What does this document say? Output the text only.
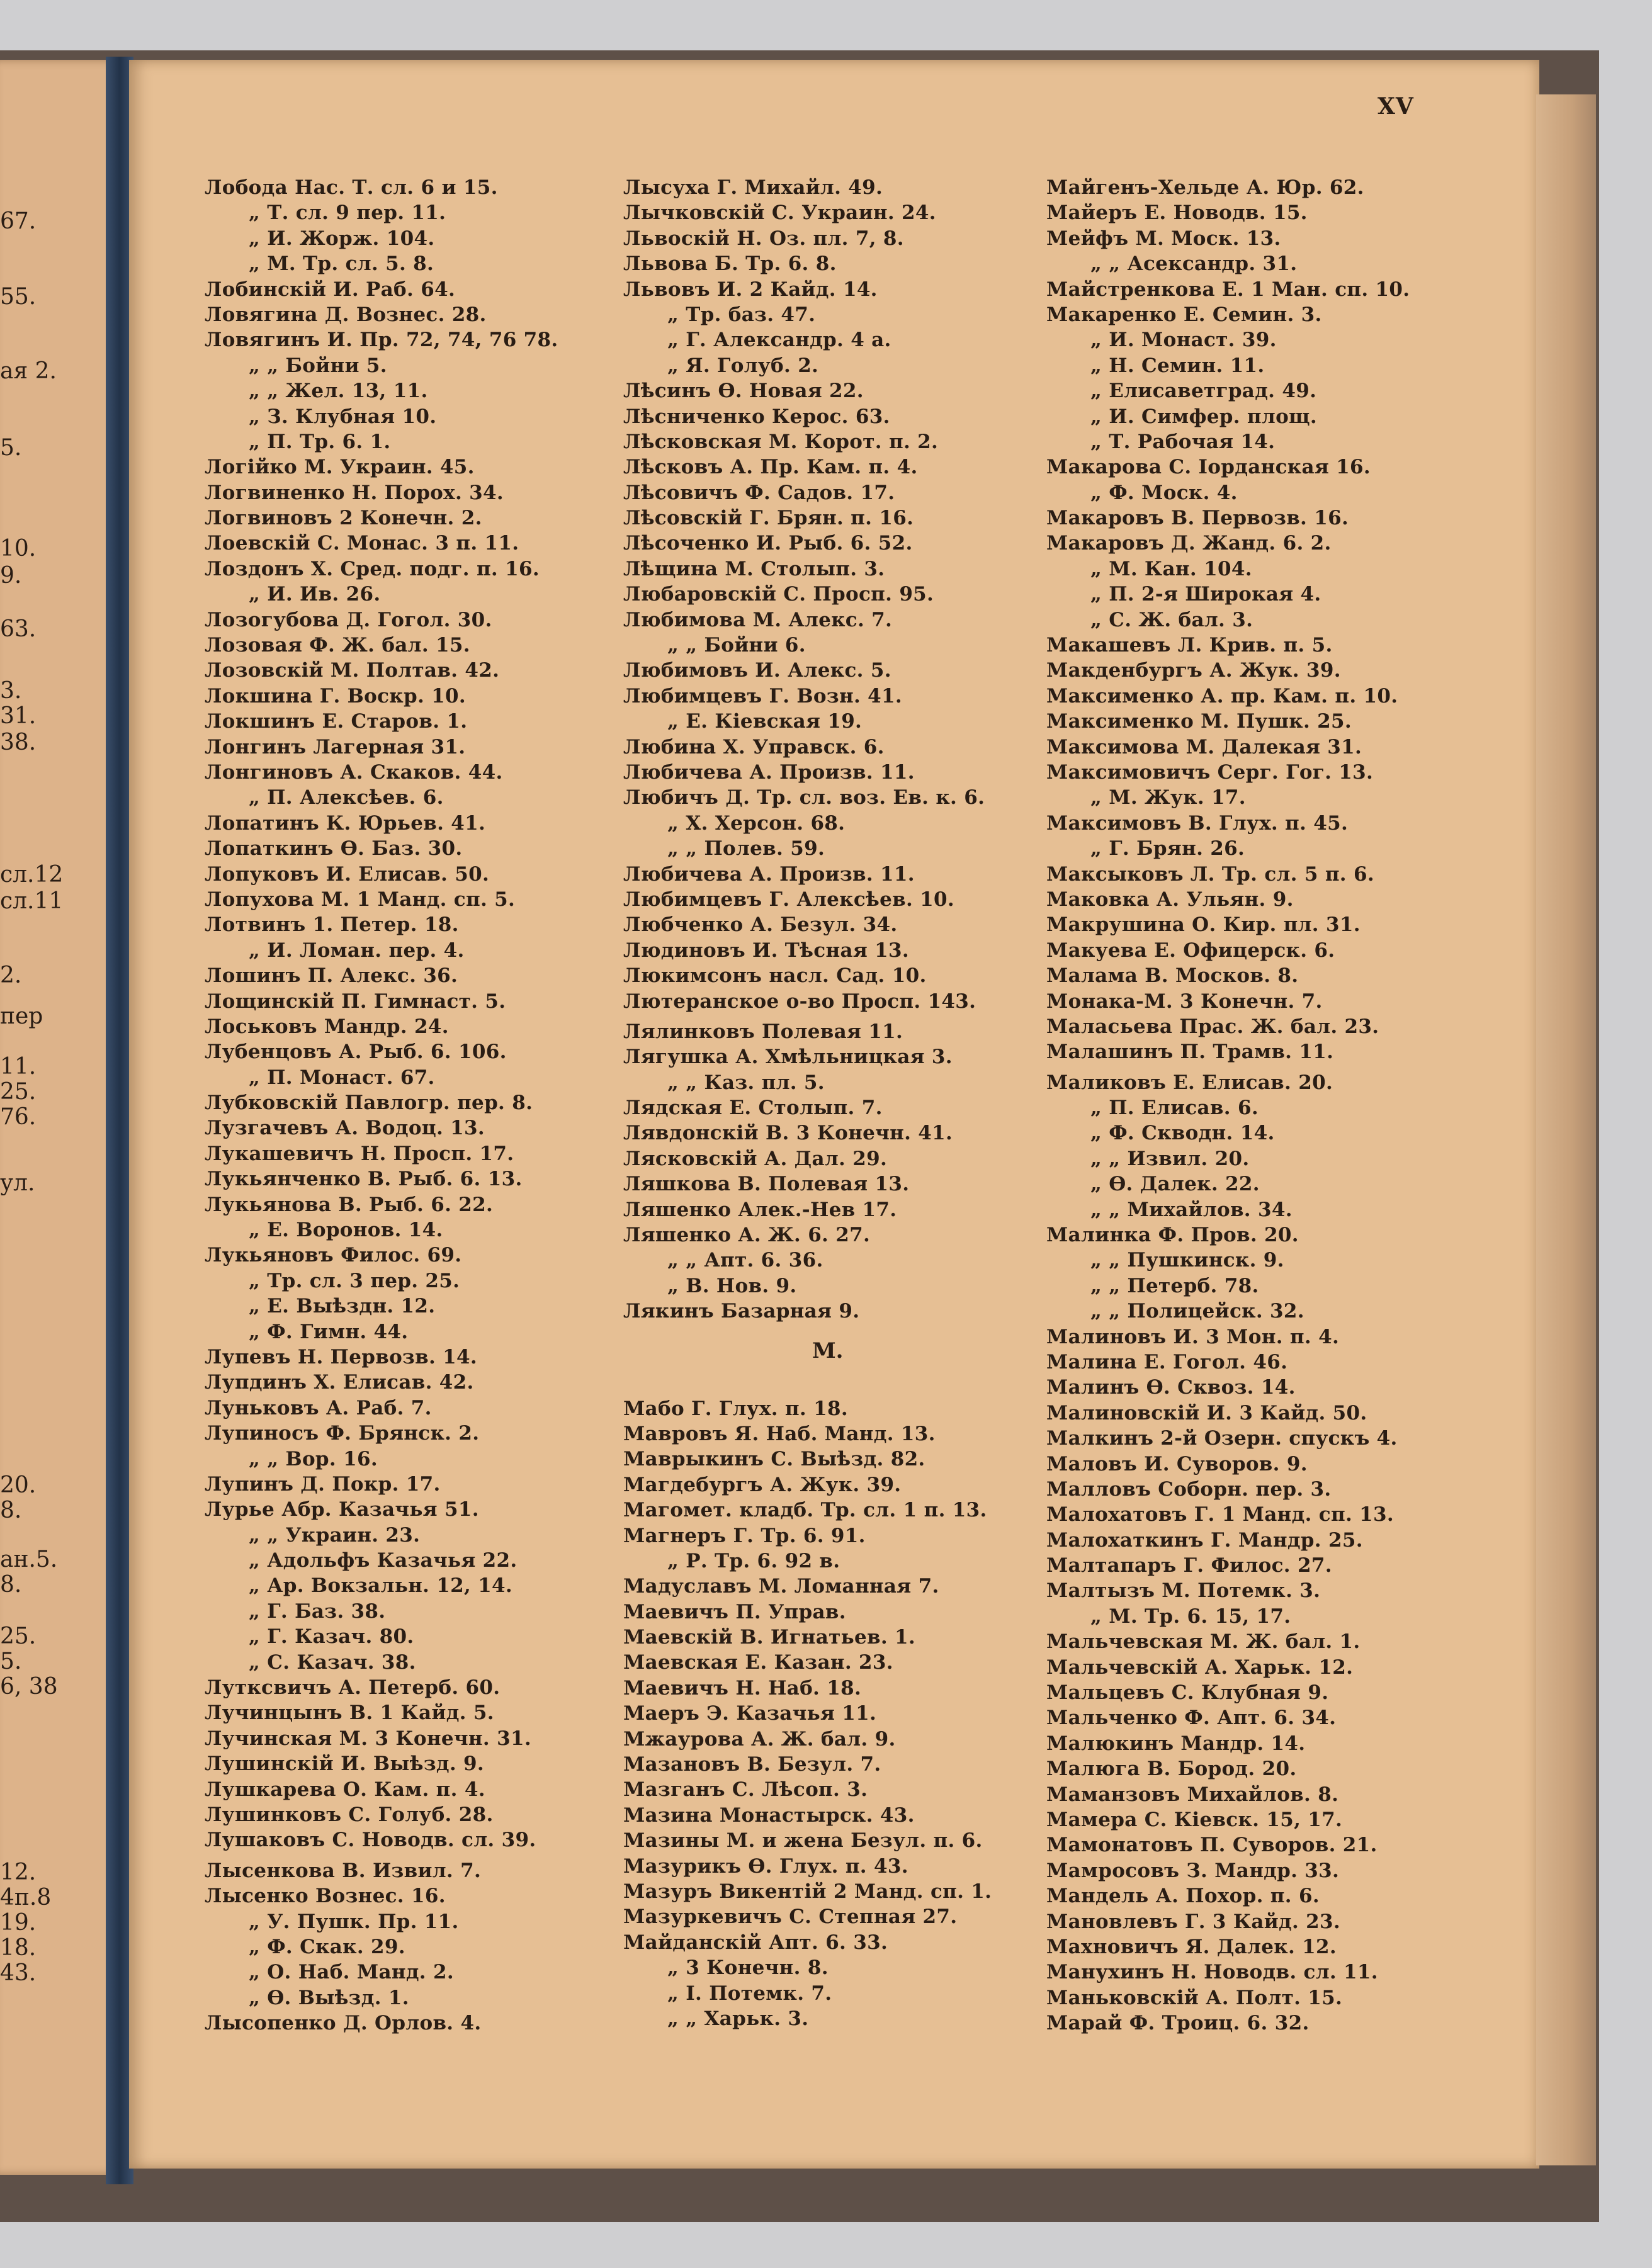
67.
55.
ая 2.
5.
10.
9.
63.
3.
31.
38.
сл.12
сл.11
2.
пер
11.
25.
76.
ул.
20.
8.
ан.5.
8.
25.
5.
6, 38
12.
4п.8
19.
18.
43.
XV
Лобода Нас. Т. сл. 6 и 15.
„ Т. сл. 9 пер. 11.
„ И. Жорж. 104.
„ М. Тр. сл. 5. 8.
Лобинскій И. Раб. 64.
Ловягина Д. Вознес. 28.
Ловягинъ И. Пр. 72, 74, 76 78.
„ „ Бойни 5.
„ „ Жел. 13, 11.
„ З. Клубная 10.
„ П. Тр. 6. 1.
Логійко М. Украин. 45.
Логвиненко Н. Порох. 34.
Логвиновъ 2 Конечн. 2.
Лоевскій С. Монас. 3 п. 11.
Лоздонъ Х. Сред. подг. п. 16.
„ И. Ив. 26.
Лозогубова Д. Гогол. 30.
Лозовая Ф. Ж. бал. 15.
Лозовскій М. Полтав. 42.
Локшина Г. Воскр. 10.
Локшинъ Е. Старов. 1.
Лонгинъ Лагерная 31.
Лонгиновъ А. Скаков. 44.
„ П. Алексѣев. 6.
Лопатинъ К. Юрьев. 41.
Лопаткинъ Ө. Баз. 30.
Лопуковъ И. Елисав. 50.
Лопухова М. 1 Манд. сп. 5.
Лотвинъ 1. Петер. 18.
„ И. Ломан. пер. 4.
Лошинъ П. Алекс. 36.
Лощинскій П. Гимнаст. 5.
Лоськовъ Мандр. 24.
Лубенцовъ А. Рыб. 6. 106.
„ П. Монаст. 67.
Лубковскій Павлогр. пер. 8.
Лузгачевъ А. Водоц. 13.
Лукашевичъ Н. Просп. 17.
Лукьянченко В. Рыб. 6. 13.
Лукьянова В. Рыб. 6. 22.
„ Е. Воронов. 14.
Лукьяновъ Филос. 69.
„ Тр. сл. 3 пер. 25.
„ Е. Выѣздн. 12.
„ Ф. Гимн. 44.
Лупевъ Н. Первозв. 14.
Лупдинъ Х. Елисав. 42.
Луньковъ А. Раб. 7.
Лупиносъ Ф. Брянск. 2.
„ „ Вор. 16.
Лупинъ Д. Покр. 17.
Лурье Абр. Казачья 51.
„ „ Украин. 23.
„ Адольфъ Казачья 22.
„ Ар. Вокзальн. 12, 14.
„ Г. Баз. 38.
„ Г. Казач. 80.
„ С. Казач. 38.
Лутксвичъ А. Петерб. 60.
Лучинцынъ В. 1 Кайд. 5.
Лучинская М. 3 Конечн. 31.
Лушинскій И. Выѣзд. 9.
Лушкарева О. Кам. п. 4.
Лушинковъ С. Голуб. 28.
Лушаковъ С. Новодв. сл. 39.
Лысенкова В. Извил. 7.
Лысенко Вознес. 16.
„ У. Пушк. Пр. 11.
„ Ф. Скак. 29.
„ О. Наб. Манд. 2.
„ Ө. Выѣзд. 1.
Лысопенко Д. Орлов. 4.
Лысуха Г. Михайл. 49.
Лычковскій С. Украин. 24.
Львоскій Н. Оз. пл. 7, 8.
Львова Б. Тр. 6. 8.
Львовъ И. 2 Кайд. 14.
„ Тр. баз. 47.
„ Г. Александр. 4 а.
„ Я. Голуб. 2.
Лѣсинъ Ө. Новая 22.
Лѣсниченко Керос. 63.
Лѣсковская М. Корот. п. 2.
Лѣсковъ А. Пр. Кам. п. 4.
Лѣсовичъ Ф. Садов. 17.
Лѣсовскій Г. Брян. п. 16.
Лѣсоченко И. Рыб. 6. 52.
Лѣщина М. Столып. 3.
Любаровскій С. Просп. 95.
Любимова М. Алекс. 7.
„ „ Бойни 6.
Любимовъ И. Алекс. 5.
Любимцевъ Г. Возн. 41.
„ Е. Кіевская 19.
Любина Х. Управск. 6.
Любичева А. Произв. 11.
Любичъ Д. Тр. сл. воз. Ев. к. 6.
„ Х. Херсон. 68.
„ „ Полев. 59.
Любичева А. Произв. 11.
Любимцевъ Г. Алексѣев. 10.
Любченко А. Безул. 34.
Людиновъ И. Тѣсная 13.
Люкимсонъ насл. Сад. 10.
Лютеранское о-во Просп. 143.
Лялинковъ Полевая 11.
Лягушка А. Хмѣльницкая 3.
„ „ Каз. пл. 5.
Лядская Е. Столып. 7.
Лявдонскій В. 3 Конечн. 41.
Лясковскій А. Дал. 29.
Ляшкова В. Полевая 13.
Ляшенко Алек.-Нев 17.
Ляшенко А. Ж. 6. 27.
„ „ Апт. 6. 36.
„ В. Нов. 9.
Лякинъ Базарная 9.
М.
Мабо Г. Глух. п. 18.
Мавровъ Я. Наб. Манд. 13.
Маврыкинъ С. Выѣзд. 82.
Магдебургъ А. Жук. 39.
Магомет. кладб. Тр. сл. 1 п. 13.
Магнеръ Г. Тр. 6. 91.
„ Р. Тр. 6. 92 в.
Мадуславъ М. Ломанная 7.
Маевичъ П. Управ.
Маевскій В. Игнатьев. 1.
Маевская Е. Казан. 23.
Маевичъ Н. Наб. 18.
Маеръ Э. Казачья 11.
Мжаурова А. Ж. бал. 9.
Мазановъ В. Безул. 7.
Мазганъ С. Лѣсоп. 3.
Мазина Монастырск. 43.
Мазины М. и жена Безул. п. 6.
Мазурикъ Ө. Глух. п. 43.
Мазуръ Викентій 2 Манд. сп. 1.
Мазуркевичъ С. Степная 27.
Майданскій Апт. 6. 33.
„ 3 Конечн. 8.
„ І. Потемк. 7.
„ „ Харьк. 3.
Майгенъ-Хельде А. Юр. 62.
Майеръ Е. Новодв. 15.
Мейфъ М. Моск. 13.
„ „ Асександр. 31.
Майстренкова Е. 1 Ман. сп. 10.
Макаренко Е. Семин. 3.
„ И. Монаст. 39.
„ Н. Семин. 11.
„ Елисаветград. 49.
„ И. Симфер. площ.
„ Т. Рабочая 14.
Макарова С. Іорданская 16.
„ Ф. Моск. 4.
Макаровъ В. Первозв. 16.
Макаровъ Д. Жанд. 6. 2.
„ М. Кан. 104.
„ П. 2-я Широкая 4.
„ С. Ж. бал. 3.
Макашевъ Л. Крив. п. 5.
Макденбургъ А. Жук. 39.
Максименко А. пр. Кам. п. 10.
Максименко М. Пушк. 25.
Максимова М. Далекая 31.
Максимовичъ Серг. Гог. 13.
„ М. Жук. 17.
Максимовъ В. Глух. п. 45.
„ Г. Брян. 26.
Максыковъ Л. Тр. сл. 5 п. 6.
Маковка А. Ульян. 9.
Макрушина О. Кир. пл. 31.
Макуева Е. Офицерск. 6.
Малама В. Москов. 8.
Монака-М. 3 Конечн. 7.
Маласьева Прас. Ж. бал. 23.
Малашинъ П. Трамв. 11.
Маликовъ Е. Елисав. 20.
„ П. Елисав. 6.
„ Ф. Скводн. 14.
„ „ Извил. 20.
„ Ө. Далек. 22.
„ „ Михайлов. 34.
Малинка Ф. Пров. 20.
„ „ Пушкинск. 9.
„ „ Петерб. 78.
„ „ Полицейск. 32.
Малиновъ И. 3 Мон. п. 4.
Малина Е. Гогол. 46.
Малинъ Ө. Сквоз. 14.
Малиновскій И. 3 Кайд. 50.
Малкинъ 2-й Озерн. спускъ 4.
Маловъ И. Суворов. 9.
Малловъ Соборн. пер. 3.
Малохатовъ Г. 1 Манд. сп. 13.
Малохаткинъ Г. Мандр. 25.
Малтапаръ Г. Филос. 27.
Малтызъ М. Потемк. 3.
„ М. Тр. 6. 15, 17.
Мальчевская М. Ж. бал. 1.
Мальчевскій А. Харьк. 12.
Мальцевъ С. Клубная 9.
Мальченко Ф. Апт. 6. 34.
Малюкинъ Мандр. 14.
Малюга В. Бород. 20.
Маманзовъ Михайлов. 8.
Мамера С. Кіевск. 15, 17.
Мамонатовъ П. Суворов. 21.
Мамросовъ З. Мандр. 33.
Мандель А. Похор. п. 6.
Мановлевъ Г. 3 Кайд. 23.
Махновичъ Я. Далек. 12.
Манухинъ Н. Новодв. сл. 11.
Маньковскій А. Полт. 15.
Марай Ф. Троиц. 6. 32.
